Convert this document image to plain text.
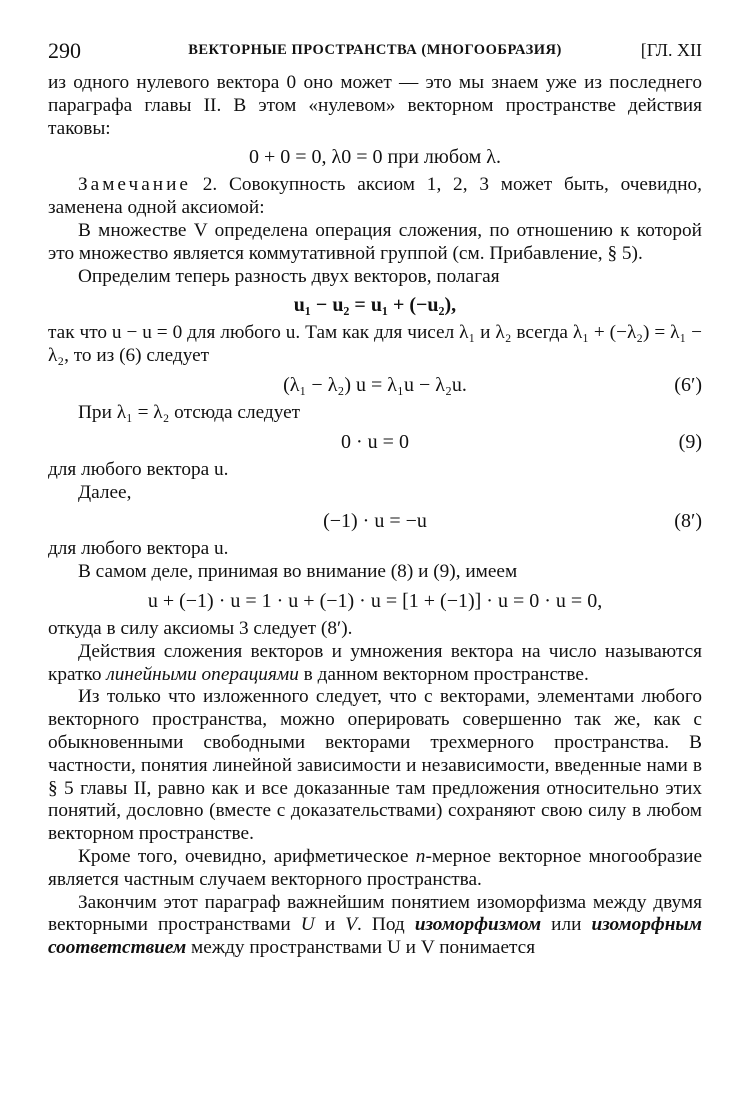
290	ВЕКТОРНЫЕ ПРОСТРАНСТВА (МНОГООБРАЗИЯ)	[ГЛ. XII

из одного нулевого вектора 0 оно может — это мы знаем уже из последнего параграфа главы II. В этом «нулевом» векторном пространстве действия таковы:

0 + 0 = 0, λ0 = 0 при любом λ.

Замечание 2. Совокупность аксиом 1, 2, 3 может быть, очевидно, заменена одной аксиомой:

В множестве V определена операция сложения, по отношению к которой это множество является коммутативной группой (см. Прибавление, § 5).

Определим теперь разность двух векторов, полагая

u₁ − u₂ = u₁ + (−u₂),

так что u − u = 0 для любого u. Там как для чисел λ₁ и λ₂ всегда λ₁ + (−λ₂) = λ₁ − λ₂, то из (6) следует

(λ₁ − λ₂) u = λ₁u − λ₂u.	(6′)

При λ₁ = λ₂ отсюда следует

0 · u = 0	(9)

для любого вектора u.

Далее,

(−1) · u = −u	(8′)

для любого вектора u.

В самом деле, принимая во внимание (8) и (9), имеем

u + (−1) · u = 1 · u + (−1) · u = [1 + (−1)] · u = 0 · u = 0,

откуда в силу аксиомы 3 следует (8′).

Действия сложения векторов и умножения вектора на число называются кратко линейными операциями в данном векторном пространстве.

Из только что изложенного следует, что с векторами, элементами любого векторного пространства, можно оперировать совершенно так же, как с обыкновенными свободными векторами трехмерного пространства. В частности, понятия линейной зависимости и независимости, введенные нами в § 5 главы II, равно как и все доказанные там предложения относительно этих понятий, дословно (вместе с доказательствами) сохраняют свою силу в любом векторном пространстве.

Кроме того, очевидно, арифметическое n-мерное векторное многообразие является частным случаем векторного пространства.

Закончим этот параграф важнейшим понятием изоморфизма между двумя векторными пространствами U и V. Под изоморфизмом или изоморфным соответствием между пространствами U и V понимается
